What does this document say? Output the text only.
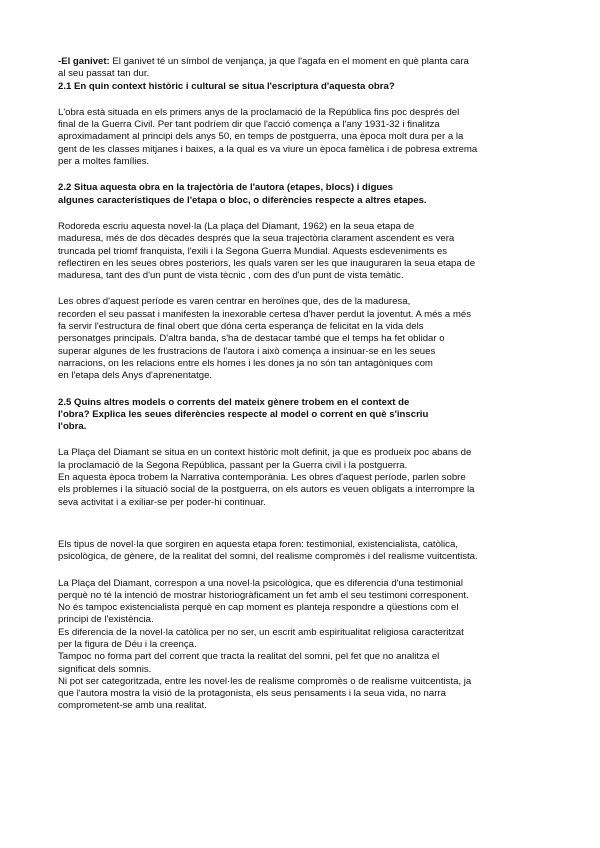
-El ganivet: El ganivet té un símbol de venjança, ja que l'agafa en el moment en què planta cara
al seu passat tan dur.

2.1 En quin context històric i cultural se situa l'escriptura d'aquesta obra?

L'obra està situada en els primers anys de la proclamació de la República fins poc després del
final de la Guerra Civil. Per tant podríem dir que l'acció comença a l'any 1931-32 i finalitza
aproximadament al principi dels anys 50, en temps de postguerra, una època molt dura per a la
gent de les classes mitjanes i baixes, a la qual es va viure un època famèlica i de pobresa extrema
per a moltes famílies.

2.2 Situa aquesta obra en la trajectòria de l'autora (etapes, blocs) i digues
algunes característiques de l'etapa o bloc, o diferències respecte a altres etapes.

Rodoreda escriu aquesta novel·la (La plaça del Diamant, 1962) en la seua etapa de
maduresa, més de dos dècades després que la seua trajectòria clarament ascendent es vera
truncada pel triomf franquista, l'exili i la Segona Guerra Mundial. Aquests esdeveniments es
reflectiren en les seues obres posteriors, les quals varen ser les que inauguraren la seua etapa de
maduresa, tant des d'un punt de vista tècnic , com des d'un punt de vista temàtic.

Les obres d'aquest període es varen centrar en heroïnes que, des de la maduresa,
recorden el seu passat i manifesten la inexorable certesa d'haver perdut la joventut. A més a més
fa servir l'estructura de final obert que dóna certa esperança de felicitat en la vida dels
personatges principals. D'altra banda, s'ha de destacar també que el temps ha fet oblidar o
superar algunes de les frustracions de l'autora i això comença a insinuar-se en les seues
narracions, on les relacions entre els homes i les dones ja no són tan antagòniques com
en l'etapa dels Anys d'aprenentatge.

2.5 Quins altres models o corrents del mateix gènere trobem en el context de
l'obra? Explica les seues diferències respecte al model o corrent en què s'inscriu
l'obra.

La Plaça del Diamant se situa en un context històric molt definit, ja que es produeix poc abans de
la proclamació de la Segona República, passant per la Guerra civil i la postguerra.
En aquesta època trobem la Narrativa contemporània. Les obres d'aquest període, parlen sobre
els problemes i la situació social de la postguerra, on els autors es veuen obligats a interrompre la
seva activitat i a exiliar-se per poder-hi continuar.

Els tipus de novel·la que sorgiren en aquesta etapa foren: testimonial, existencialista, catòlica,
psicològica, de gènere, de la realitat del somni, del realisme compromès i del realisme vuitcentista.

La Plaça del Diamant, correspon a una novel·la psicològica, que es diferencia d'una testimonial
perquè no té la intenció de mostrar historiogràficament un fet amb el seu testimoni corresponent.
No és tampoc existencialista perquè en cap moment es planteja respondre a qüestions com el
principi de l'existència.
Es diferencia de la novel·la catòlica per no ser, un escrit amb espiritualitat religiosa caracteritzat
per la figura de Déu i la creença.
Tampoc no forma part del corrent que tracta la realitat del somni, pel fet que no analitza el
significat dels somnis.
Ni pot ser categoritzada, entre les novel·les de realisme compromès o de realisme vuitcentista, ja
que l'autora mostra la visió de la protagonista, els seus pensaments i la seua vida, no narra
comprometent-se amb una realitat.
